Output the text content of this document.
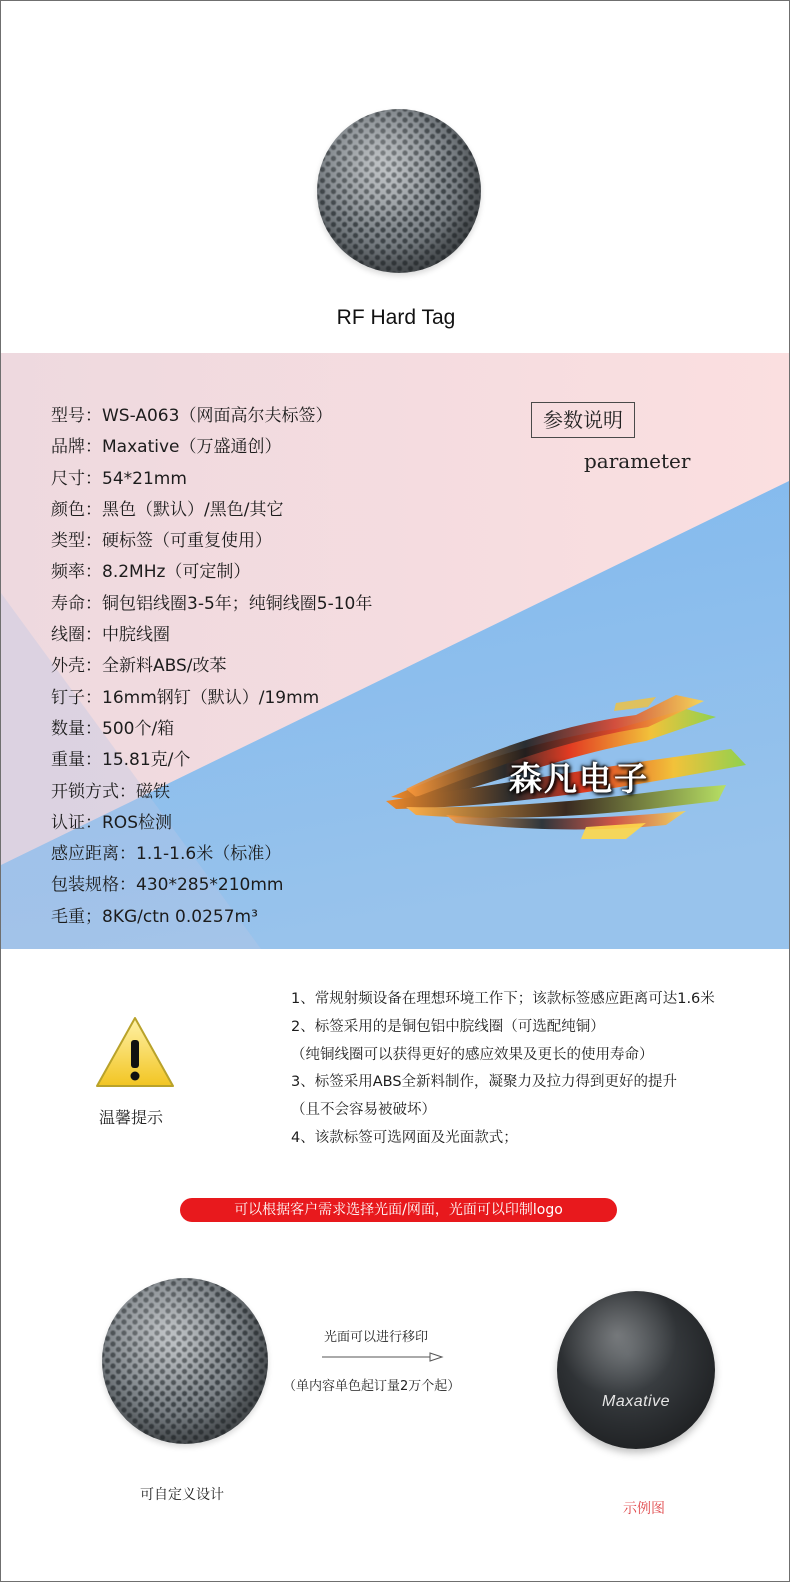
RF Hard Tag
型号：WS-A063（网面高尔夫标签）
品牌：Maxative（万盛通创）
尺寸：54*21mm
颜色：黑色（默认）/黑色/其它
类型：硬标签（可重复使用）
频率：8.2MHz（可定制）
寿命：铜包铝线圈3-5年；纯铜线圈5-10年
线圈：中脘线圈
外壳：全新料ABS/改苯
钉子：16mm钢钉（默认）/19mm
数量：500个/箱
重量：15.81克/个
开锁方式：磁铁
认证：ROS检测
感应距离：1.1-1.6米（标准）
包装规格：430*285*210mm
毛重；8KG/ctn 0.0257m³
参数说明
parameter
森凡电子
温馨提示
1、常规射频设备在理想环境工作下；该款标签感应距离可达1.6米
2、标签采用的是铜包铝中脘线圈（可选配纯铜）
（纯铜线圈可以获得更好的感应效果及更长的使用寿命）
3、标签采用ABS全新料制作，凝聚力及拉力得到更好的提升
（且不会容易被破坏）
4、该款标签可选网面及光面款式；
可以根据客户需求选择光面/网面，光面可以印制logo
光面可以进行移印
（单内容单色起订量2万个起）
Maxative
可自定义设计
示例图
